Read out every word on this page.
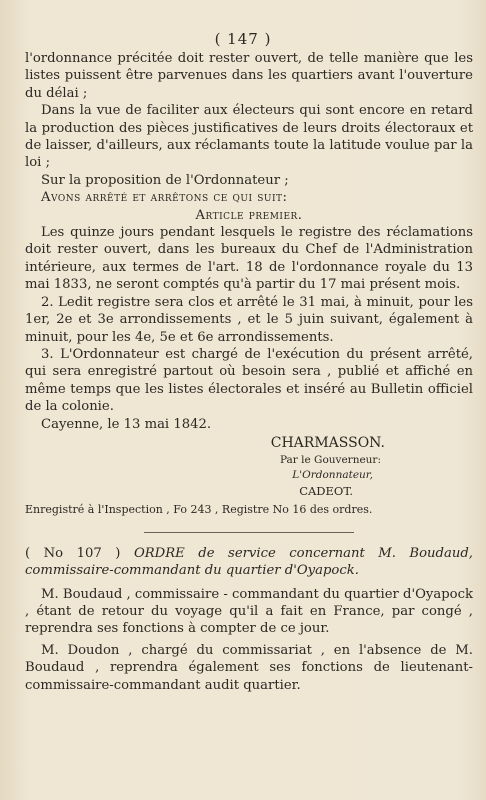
( 147 )

l'ordonnance précitée doit rester ouvert, de telle manière que les listes puissent être parvenues dans les quartiers avant l'ouverture du délai ;

Dans la vue de faciliter aux électeurs qui sont encore en retard la production des pièces justificatives de leurs droits électoraux et de laisser, d'ailleurs, aux réclamants toute la latitude voulue par la loi ;

Sur la proposition de l'Ordonnateur ;

Avons arrêté et arrêtons ce qui suit:

Article premier.

Les quinze jours pendant lesquels le registre des réclamations doit rester ouvert, dans les bureaux du Chef de l'Administration intérieure, aux termes de l'art. 18 de l'ordonnance royale du 13 mai 1833, ne seront comptés qu'à partir du 17 mai présent mois.

2. Ledit registre sera clos et arrêté le 31 mai, à minuit, pour les 1er, 2e et 3e arrondissements , et le 5 juin suivant, également à minuit, pour les 4e, 5e et 6e arrondissements.

3. L'Ordonnateur est chargé de l'exécution du présent arrêté, qui sera enregistré partout où besoin sera , publié et affiché en même temps que les listes électorales et inséré au Bulletin officiel de la colonie.

Cayenne, le 13 mai 1842.

CHARMASSON.

Par le Gouverneur:

L'Ordonnateur,

CADEOT.

Enregistré à l'Inspection , Fo 243 , Registre No 16 des ordres.

( No 107 ) ORDRE de service concernant M. Boudaud, commissaire-commandant du quartier d'Oyapock.

M. Boudaud , commissaire - commandant du quartier d'Oyapock , étant de retour du voyage qu'il a fait en France, par congé , reprendra ses fonctions à compter de ce jour.

M. Doudon , chargé du commissariat , en l'absence de M. Boudaud , reprendra également ses fonctions de lieutenant-commissaire-commandant audit quartier.
